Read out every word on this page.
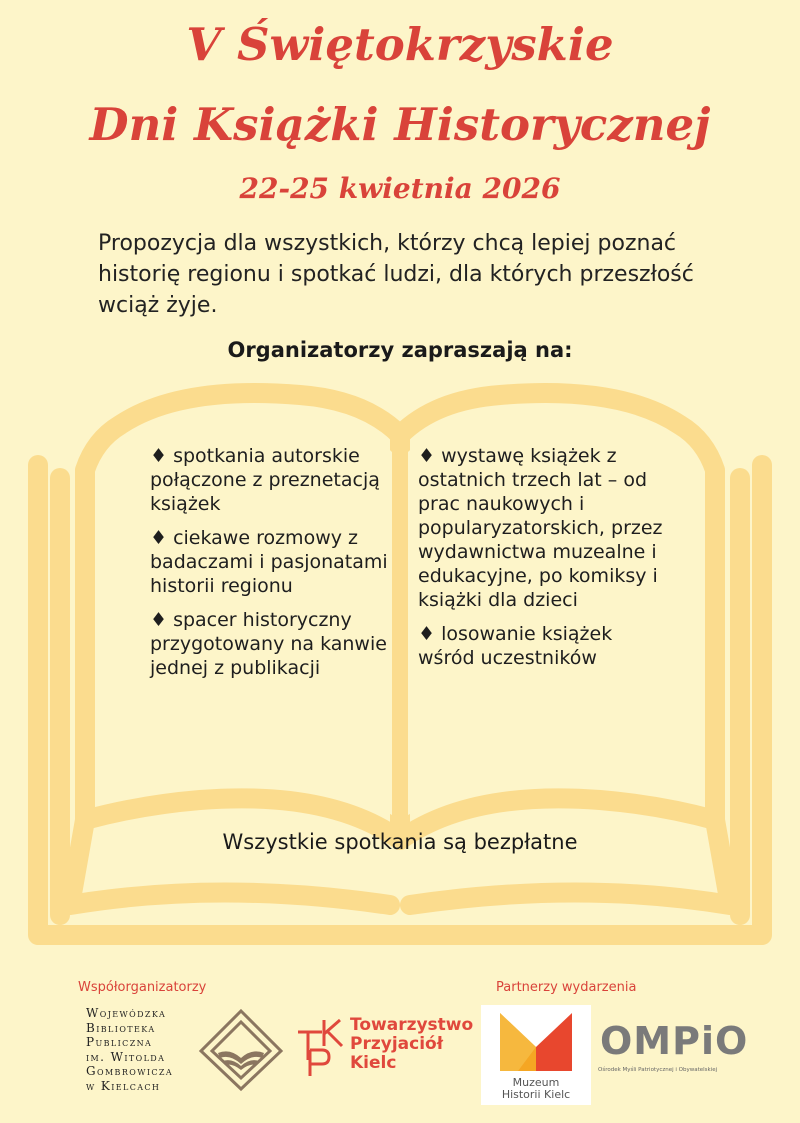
V Świętokrzyskie
Dni Książki Historycznej
22-25 kwietnia 2026
Propozycja dla wszystkich, którzy chcą lepiej poznać historię regionu i spotkać ludzi, dla których przeszłość wciąż żyje.
Organizatorzy zapraszają na:
♦ spotkania autorskie połączone z preznetacją książek
♦ ciekawe rozmowy z badaczami i pasjonatami historii regionu
♦ spacer historyczny przygotowany na kanwie jednej z publikacji
♦ wystawę książek z ostatnich trzech lat – od prac naukowych i popularyzatorskich, przez wydawnictwa muzealne i edukacyjne, po komiksy i książki dla dzieci
♦ losowanie książek wśród uczestników
Wszystkie spotkania są bezpłatne
Współorganizatorzy	Partnerzy wydarzenia
Wojewódzka
Biblioteka
Publiczna
im. Witolda
Gombrowicza
w Kielcach
Towarzystwo
Przyjaciół
Kielc
Muzeum
Historii Kielc
OMPiO
Ośrodek Myśli Patriotycznej i Obywatelskiej
